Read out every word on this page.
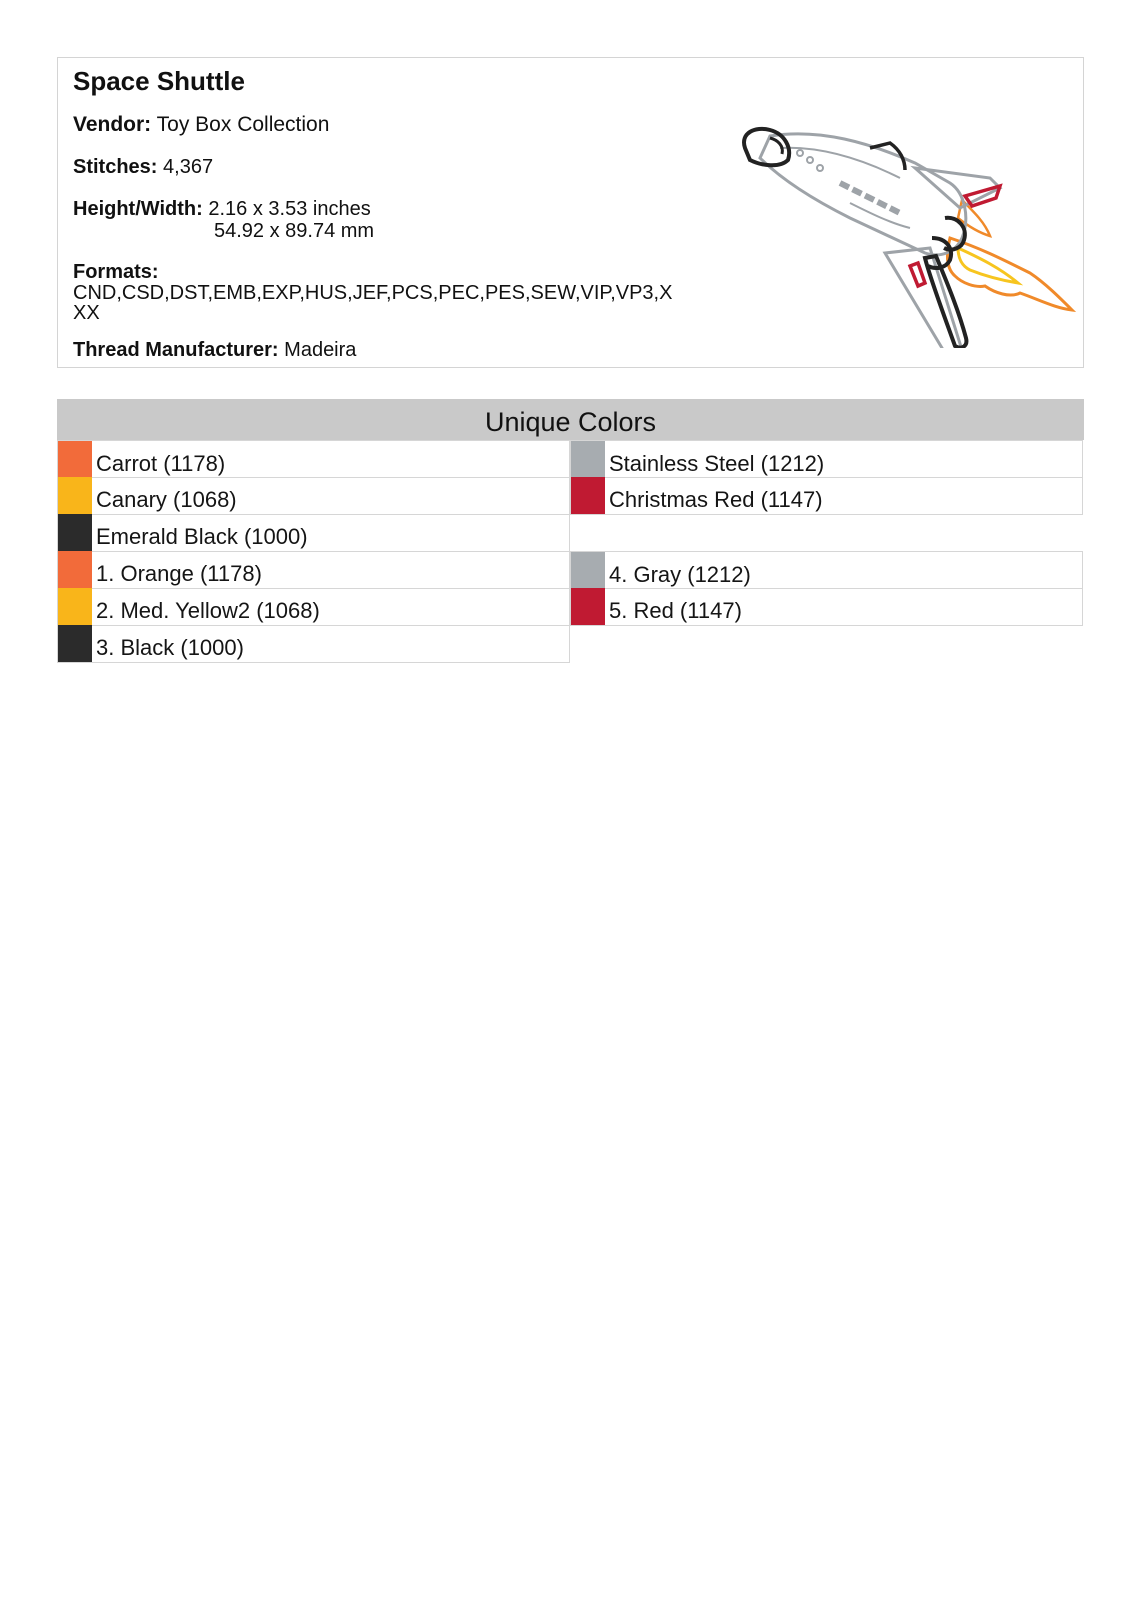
Space Shuttle
Vendor: Toy Box Collection
Stitches: 4,367
Height/Width: 2.16 x 3.53 inches
54.92 x 89.74 mm
Formats:
CND,CSD,DST,EMB,EXP,HUS,JEF,PCS,PEC,PES,SEW,VIP,VP3,XXX
Thread Manufacturer: Madeira
Unique Colors
Carrot (1178)
Canary (1068)
Emerald Black (1000)
1. Orange (1178)
2. Med. Yellow2 (1068)
3. Black (1000)
Stainless Steel (1212)
Christmas Red (1147)
4. Gray (1212)
5. Red (1147)
